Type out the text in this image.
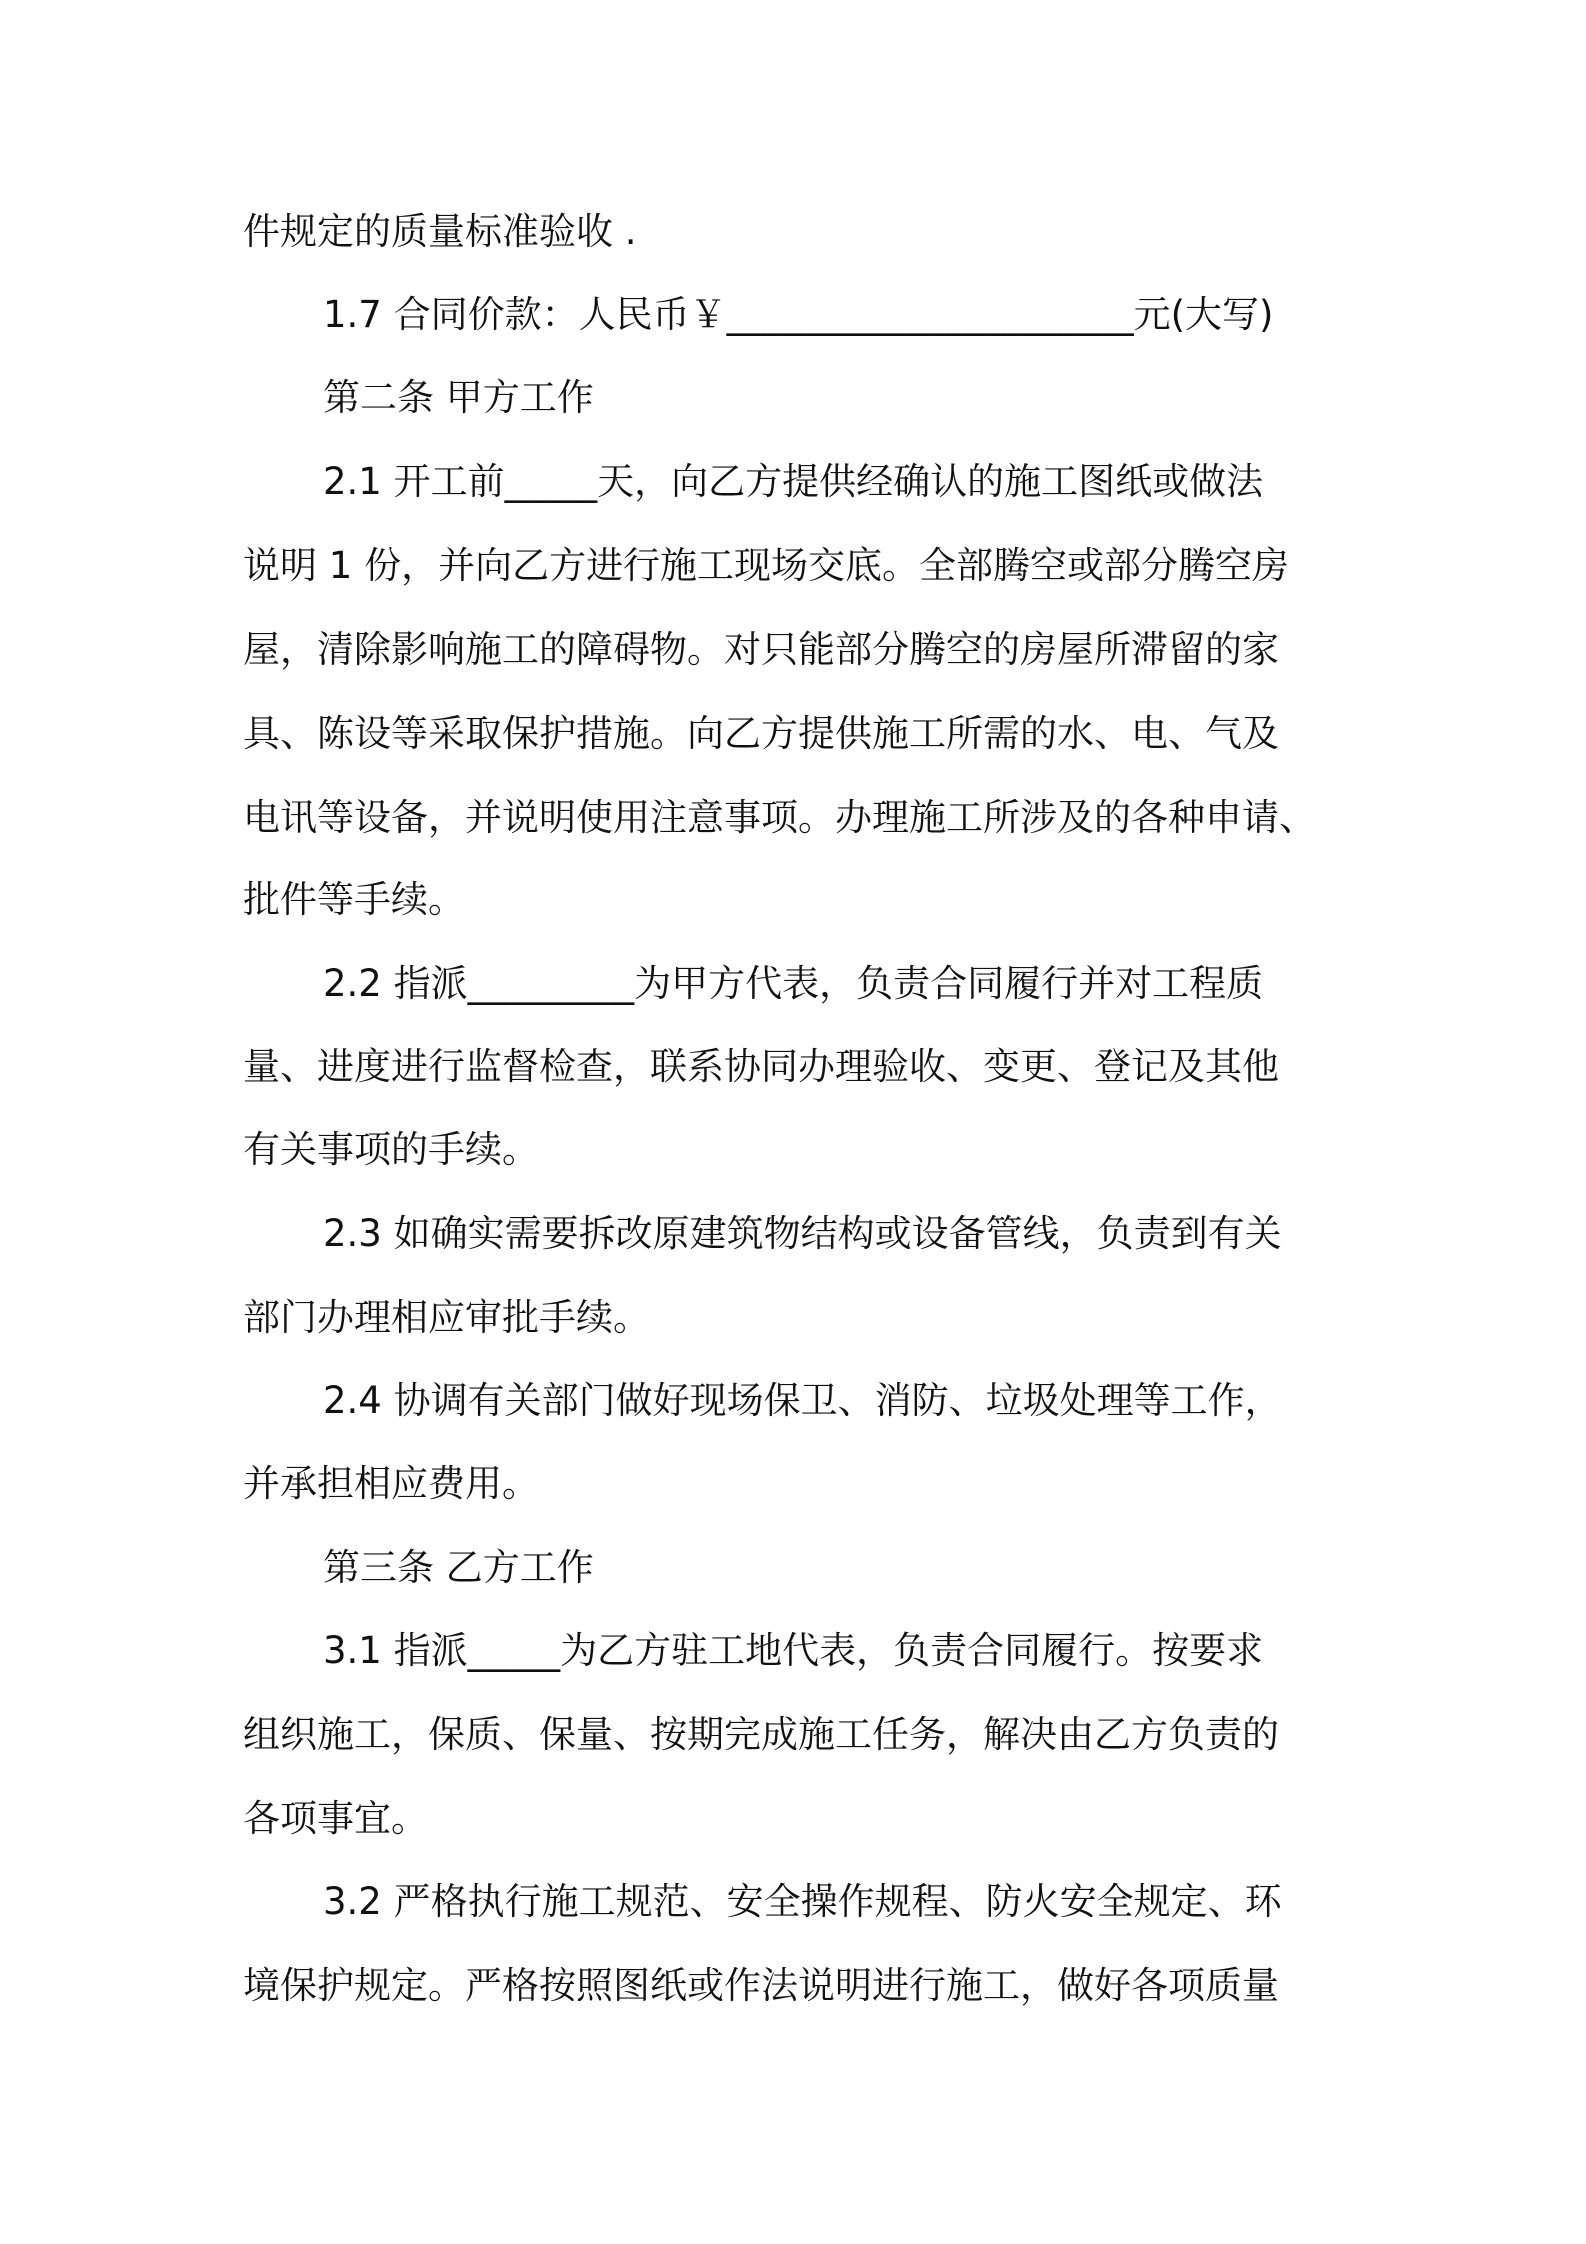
件规定的质量标准验收 .
1.7 合同价款：人民币￥______________________元(大写)
第二条 甲方工作
2.1 开工前_____天，向乙方提供经确认的施工图纸或做法
说明 1 份，并向乙方进行施工现场交底。全部腾空或部分腾空房
屋，清除影响施工的障碍物。对只能部分腾空的房屋所滞留的家
具、陈设等采取保护措施。向乙方提供施工所需的水、电、气及
电讯等设备，并说明使用注意事项。办理施工所涉及的各种申请、
批件等手续。
2.2 指派_________为甲方代表，负责合同履行并对工程质
量、进度进行监督检查，联系协同办理验收、变更、登记及其他
有关事项的手续。
2.3 如确实需要拆改原建筑物结构或设备管线，负责到有关
部门办理相应审批手续。
2.4 协调有关部门做好现场保卫、消防、垃圾处理等工作，
并承担相应费用。
第三条 乙方工作
3.1 指派_____为乙方驻工地代表，负责合同履行。按要求
组织施工，保质、保量、按期完成施工任务，解决由乙方负责的
各项事宜。
3.2 严格执行施工规范、安全操作规程、防火安全规定、环
境保护规定。严格按照图纸或作法说明进行施工，做好各项质量
